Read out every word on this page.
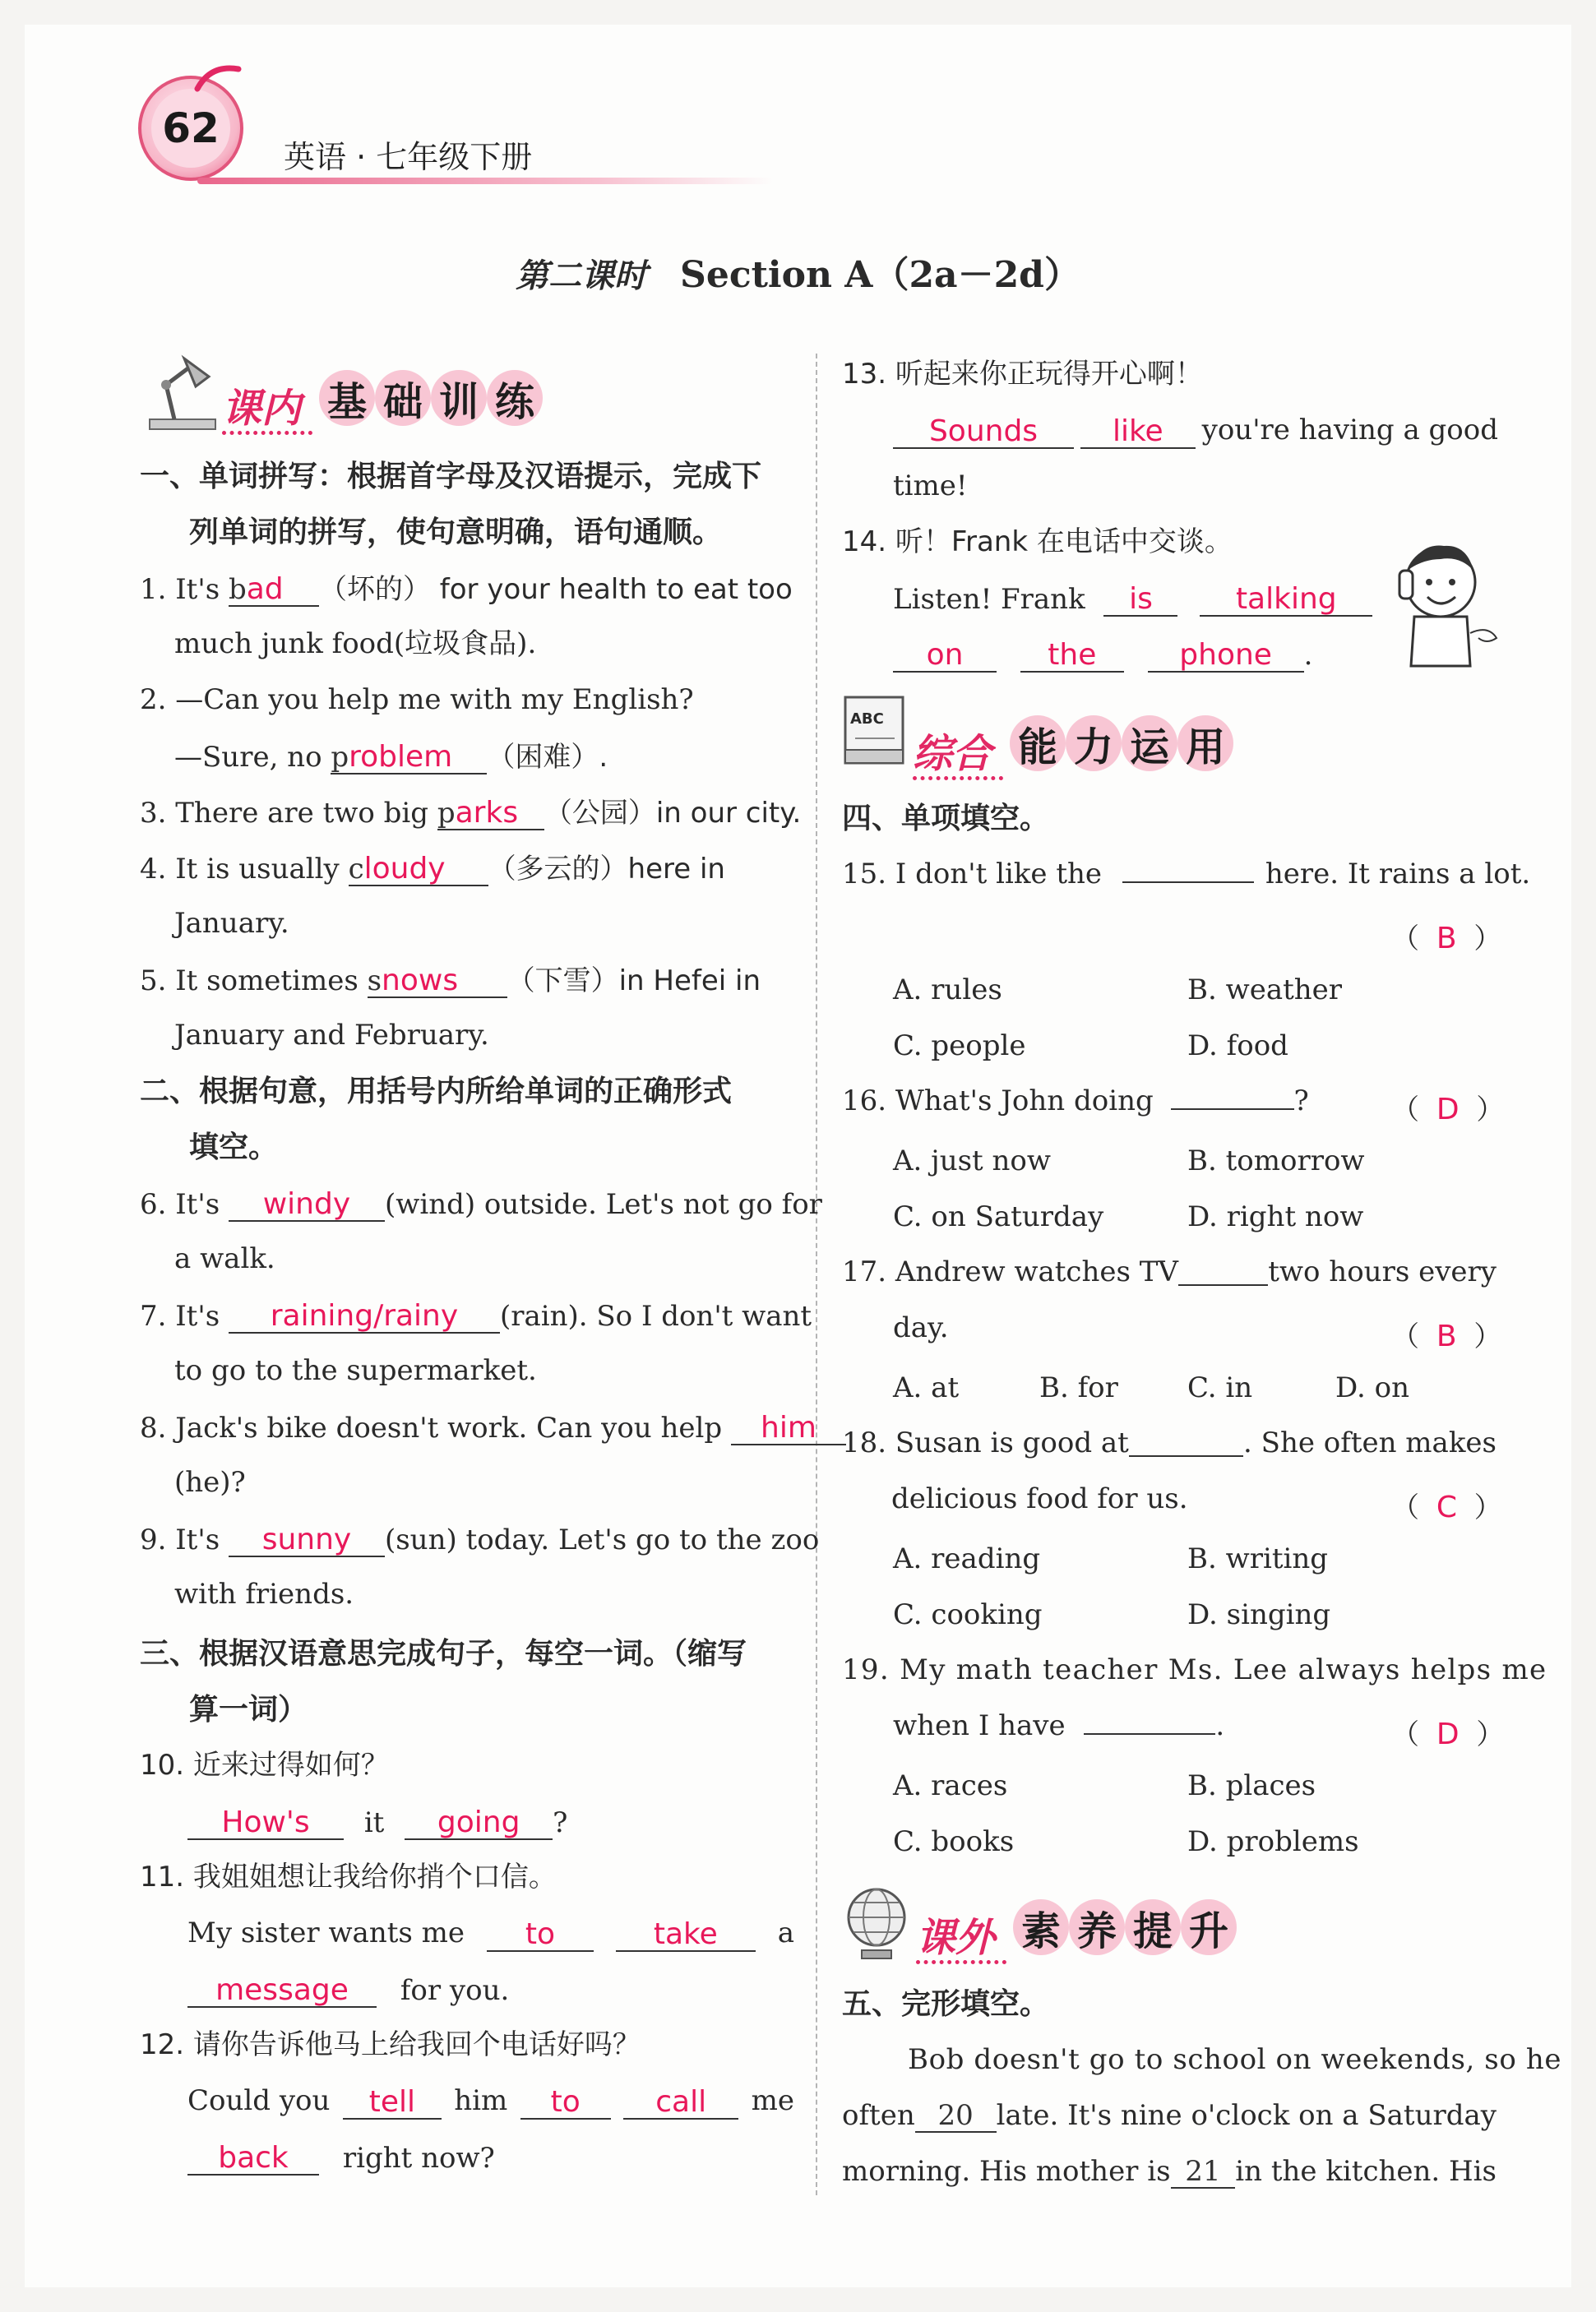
62
英语 · 七年级下册
第二课时 Section A（2a－2d）
课内 基 础 训 练
一、单词拼写：根据首字母及汉语提示，完成下
列单词的拼写，使句意明确，语句通顺。
1. It's bad （坏的） for your health to eat too
much junk food(垃圾食品).
2. —Can you help me with my English?
—Sure, no problem （困难）.
3. There are two big parks （公园）in our city.
4. It is usually cloudy （多云的）here in
January.
5. It sometimes snows （下雪）in Hefei in
January and February.
二、根据句意，用括号内所给单词的正确形式
填空。
6. It's windy (wind) outside. Let's not go for
a walk.
7. It's raining/rainy (rain). So I don't want
to go to the supermarket.
8. Jack's bike doesn't work. Can you help him
(he)?
9. It's sunny (sun) today. Let's go to the zoo
with friends.
三、根据汉语意思完成句子，每空一词。（缩写
算一词）
10. 近来过得如何？
How's it going ?
11. 我姐姐想让我给你捎个口信。
My sister wants me	to	take	a
message for you.
12. 请你告诉他马上给我回个电话好吗？
Could you	tell	him	to	call	me
back right now?
13. 听起来你正玩得开心啊！
Sounds	like	you're having a good
time!
14. 听！Frank 在电话中交谈。
Listen! Frank is	talking
on	the	phone .
ABC
综合 能 力 运 用
四、单项填空。
15. I don't like the	here. It rains a lot.
（ B ）
A. rules	B. weather
C. people	D. food
16. What's John doing	?	（ D ）
A. just now	B. tomorrow
C. on Saturday	D. right now
17. Andrew watches TV	two hours every
day.	（ B ）
A. at	B. for C. in	D. on
18. Susan is good at	. She often makes
delicious food for us.	（ C ）
A. reading	B. writing
C. cooking	D. singing
19. My math teacher Ms. Lee always helps me
when I have	.	（ D ）
A. races	B. places
C. books	D. problems
课外 素 养 提 升
五、完形填空。
Bob doesn't go to school on weekends, so he
often 20 late. It's nine o'clock on a Saturday
morning. His mother is 21 in the kitchen. His
